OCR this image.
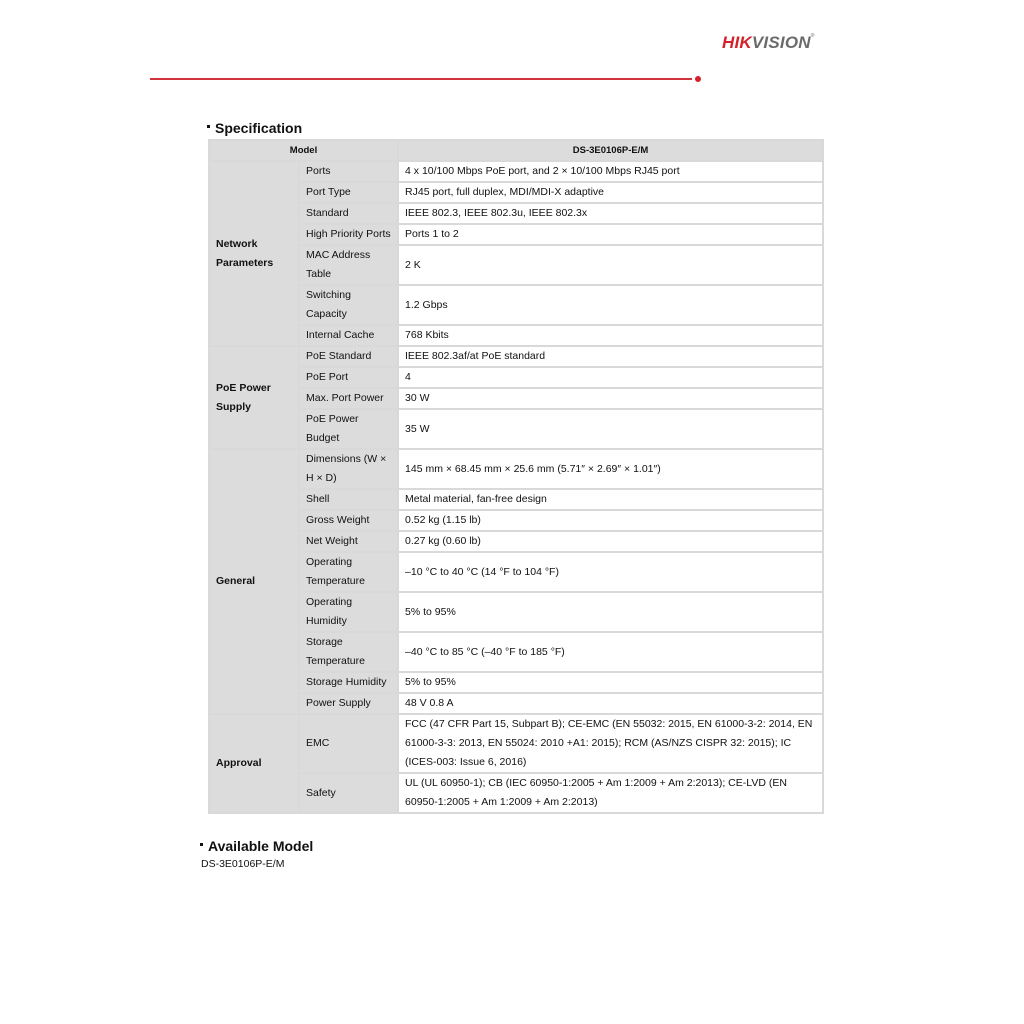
HIKVISION®
Specification
Model		DS-3E0106P-E/M
Network Parameters	Ports	4 x 10/100 Mbps PoE port, and 2 × 10/100 Mbps RJ45 port
	Port Type	RJ45 port, full duplex, MDI/MDI-X adaptive
	Standard	IEEE 802.3, IEEE 802.3u, IEEE 802.3x
	High Priority Ports	Ports 1 to 2
	MAC Address Table	2 K
	Switching Capacity	1.2 Gbps
	Internal Cache	768 Kbits
PoE Power Supply	PoE Standard	IEEE 802.3af/at PoE standard
	PoE Port	4
	Max. Port Power	30 W
	PoE Power Budget	35 W
General	Dimensions (W × H × D)	145 mm × 68.45 mm × 25.6 mm (5.71″ × 2.69″ × 1.01″)
	Shell	Metal material, fan-free design
	Gross Weight	0.52 kg (1.15 lb)
	Net Weight	0.27 kg (0.60 lb)
	Operating Temperature	–10 °C to 40 °C (14 °F to 104 °F)
	Operating Humidity	5% to 95%
	Storage Temperature	–40 °C to 85 °C (–40 °F to 185 °F)
	Storage Humidity	5% to 95%
	Power Supply	48 V 0.8 A
Approval	EMC	FCC (47 CFR Part 15, Subpart B); CE-EMC (EN 55032: 2015, EN 61000-3-2: 2014, EN 61000-3-3: 2013, EN 55024: 2010 +A1: 2015); RCM (AS/NZS CISPR 32: 2015); IC (ICES-003: Issue 6, 2016)
	Safety	UL (UL 60950-1); CB (IEC 60950-1:2005 + Am 1:2009 + Am 2:2013); CE-LVD (EN 60950-1:2005 + Am 1:2009 + Am 2:2013)
Available Model
DS-3E0106P-E/M
